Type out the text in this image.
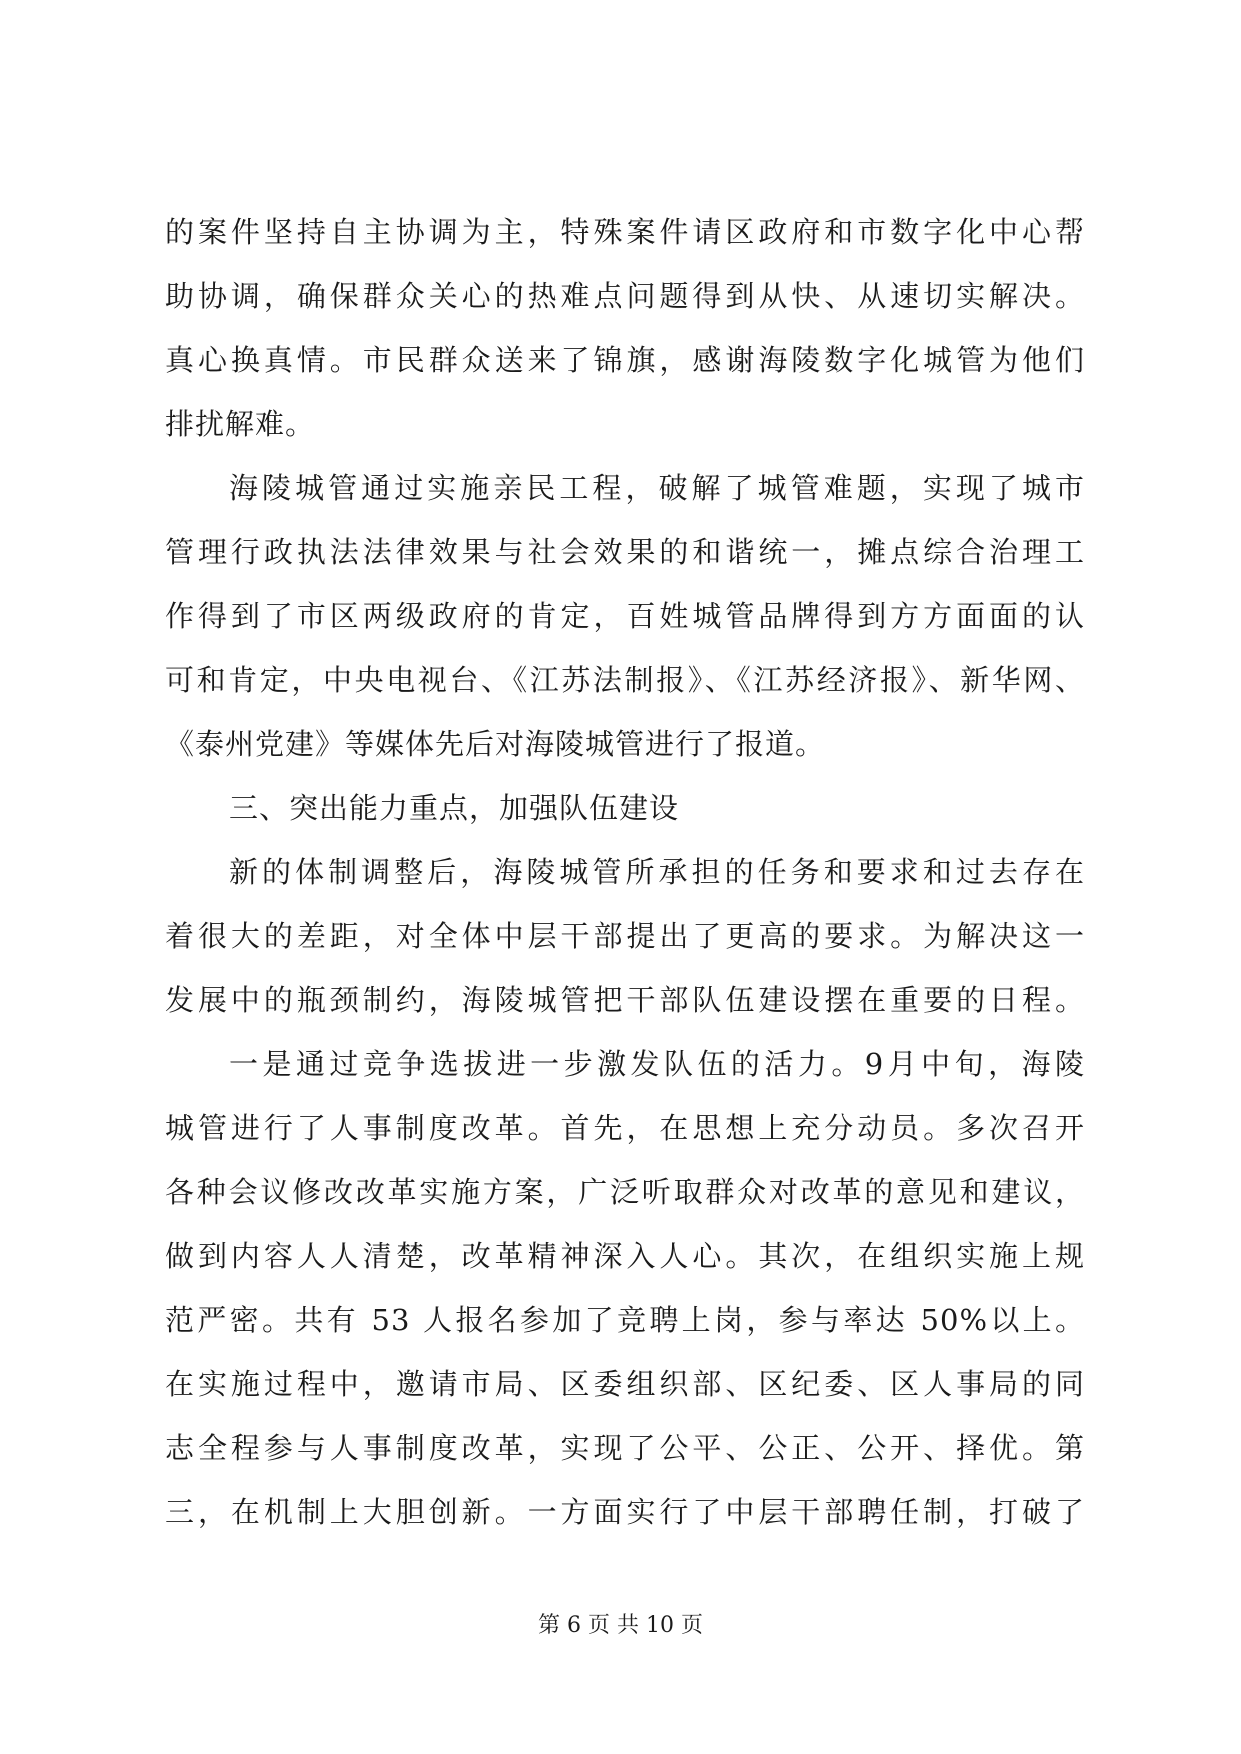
的案件坚持自主协调为主，特殊案件请区政府和市数字化中心帮
助协调，确保群众关心的热难点问题得到从快、从速切实解决。
真心换真情。市民群众送来了锦旗，感谢海陵数字化城管为他们
排扰解难。
海陵城管通过实施亲民工程，破解了城管难题，实现了城市
管理行政执法法律效果与社会效果的和谐统一，摊点综合治理工
作得到了市区两级政府的肯定，百姓城管品牌得到方方面面的认
可和肯定，中央电视台、《江苏法制报》、《江苏经济报》、新华网、
《泰州党建》等媒体先后对海陵城管进行了报道。
三、突出能力重点，加强队伍建设
新的体制调整后，海陵城管所承担的任务和要求和过去存在
着很大的差距，对全体中层干部提出了更高的要求。为解决这一
发展中的瓶颈制约，海陵城管把干部队伍建设摆在重要的日程。
一是通过竞争选拔进一步激发队伍的活力。9月中旬，海陵
城管进行了人事制度改革。首先，在思想上充分动员。多次召开
各种会议修改改革实施方案，广泛听取群众对改革的意见和建议，
做到内容人人清楚，改革精神深入人心。其次，在组织实施上规
范严密。共有 53 人报名参加了竞聘上岗，参与率达 50%以上。
在实施过程中，邀请市局、区委组织部、区纪委、区人事局的同
志全程参与人事制度改革，实现了公平、公正、公开、择优。第
三，在机制上大胆创新。一方面实行了中层干部聘任制，打破了
第 6 页 共 10 页
